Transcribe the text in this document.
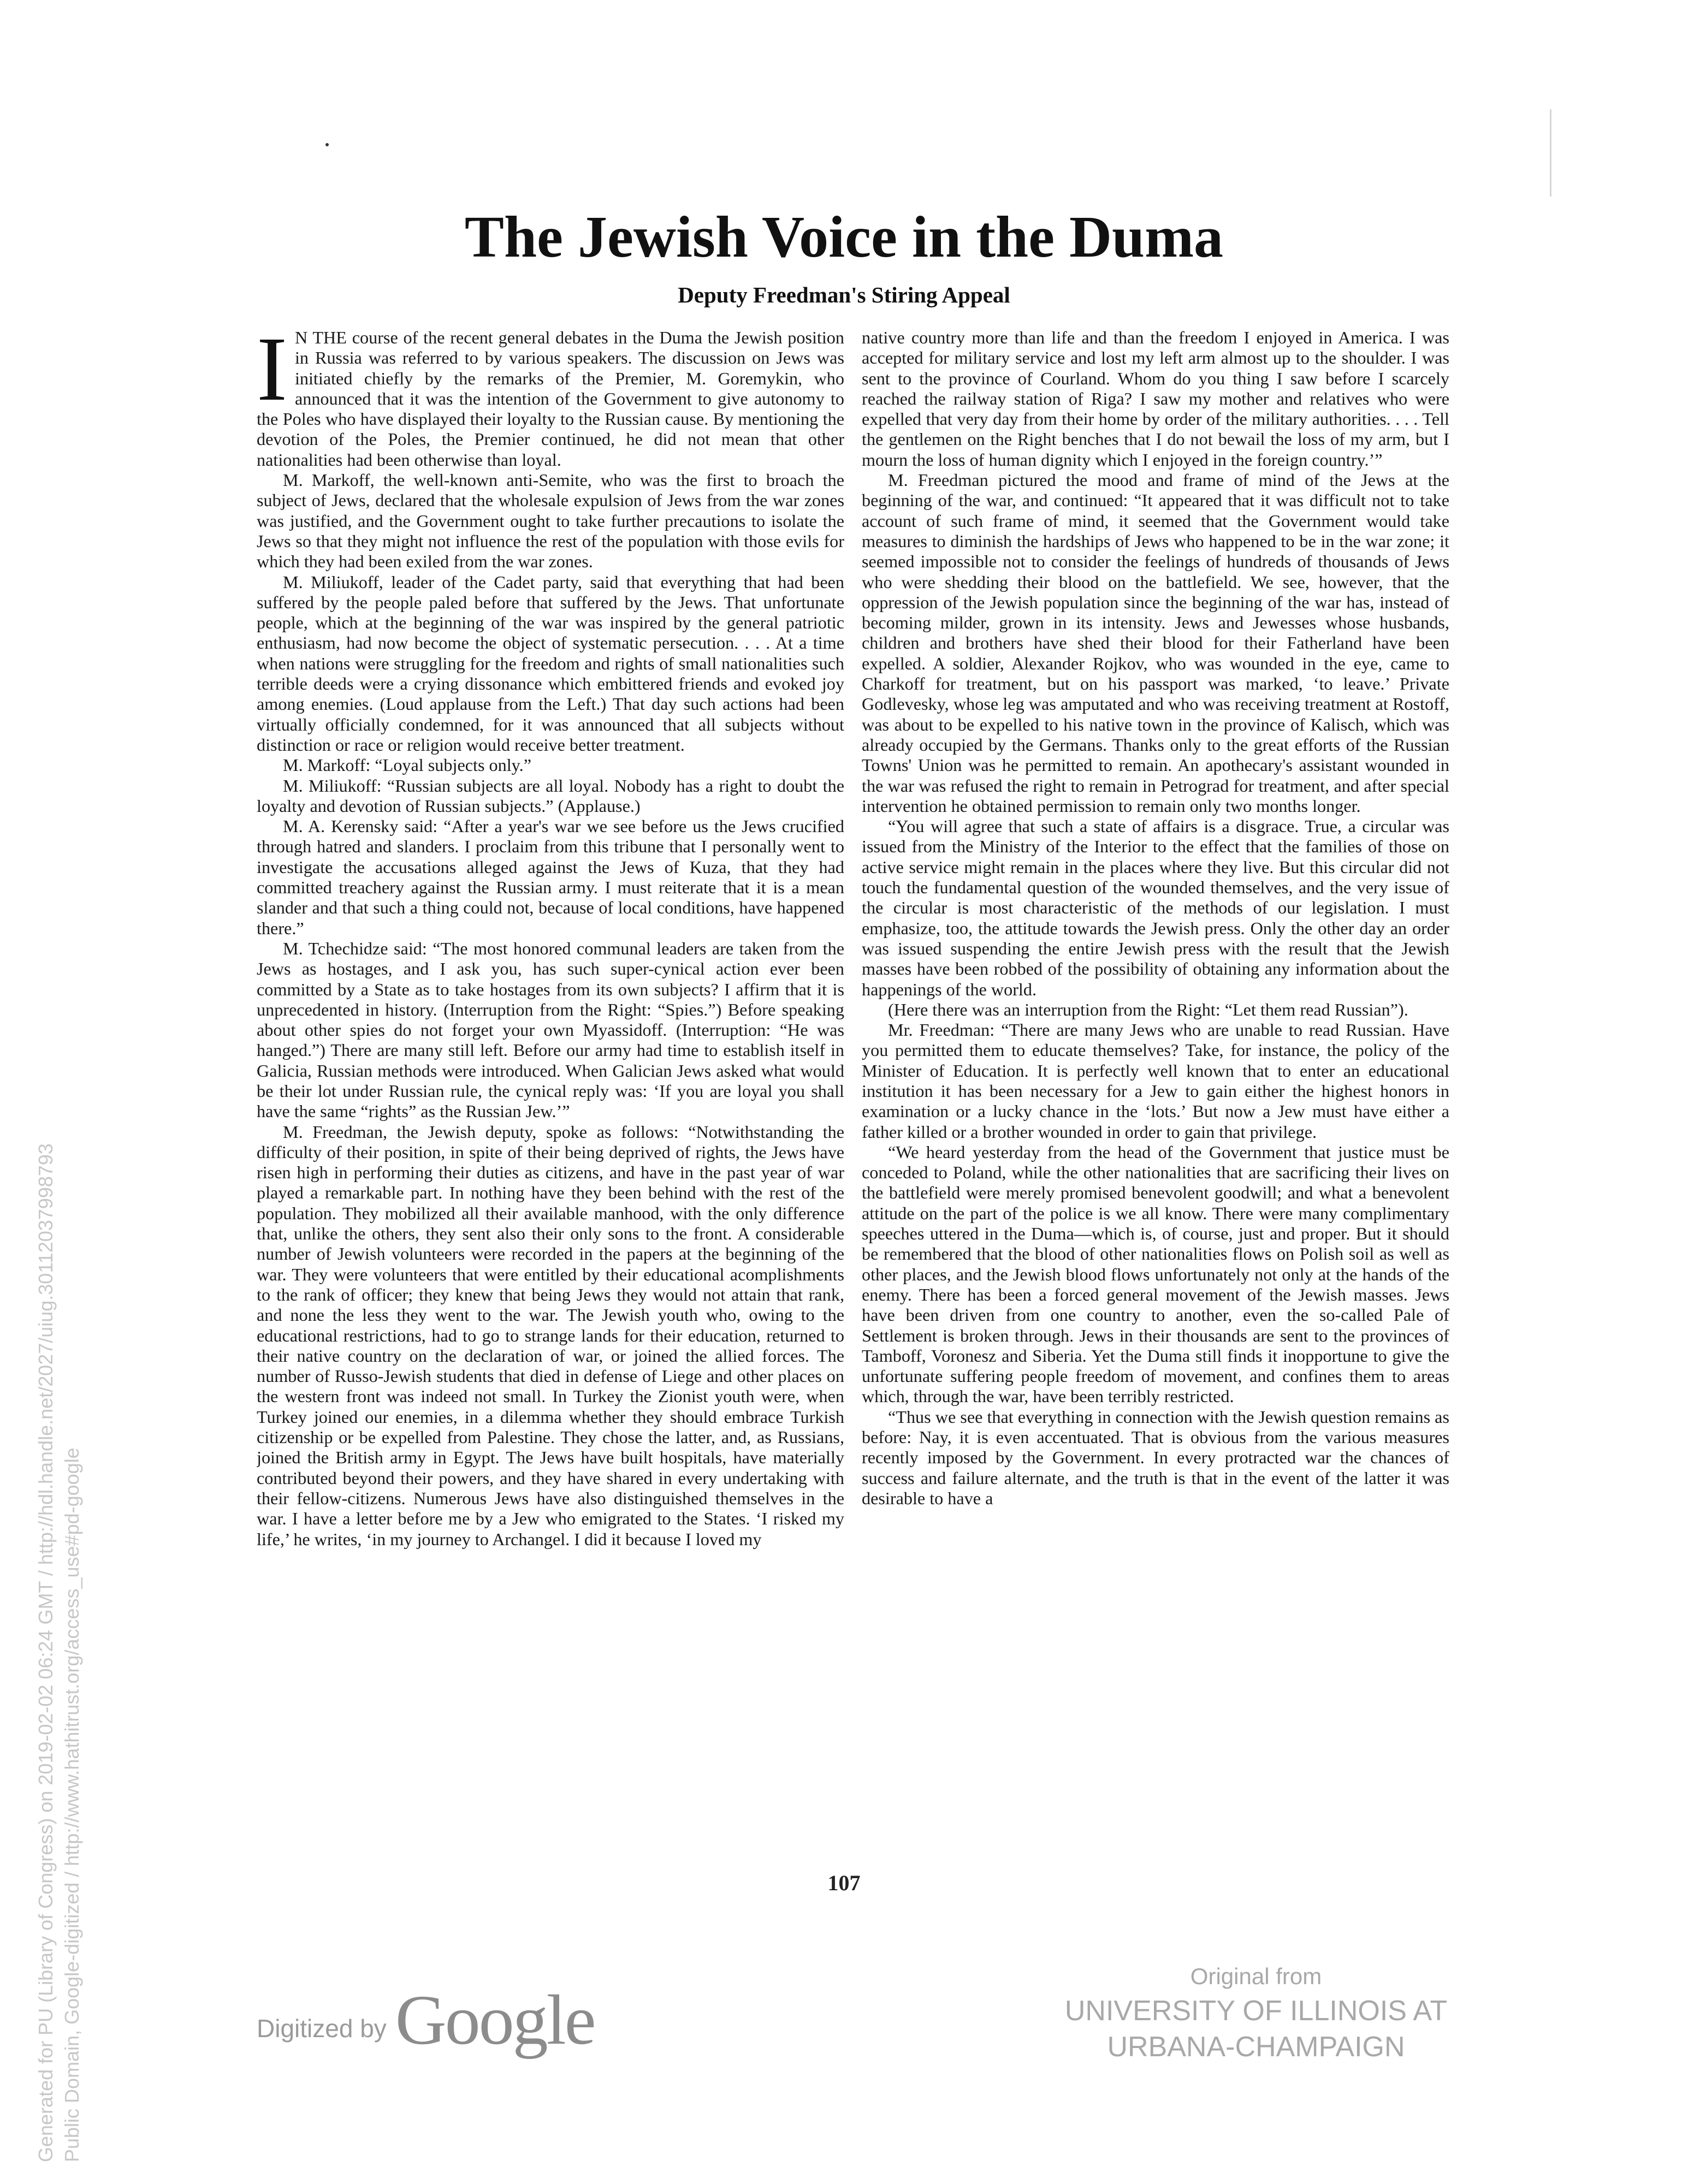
The Jewish Voice in the Duma
Deputy Freedman's Stiring Appeal

I N THE course of the recent general debates in the Duma the Jewish position in Russia was referred to by various speakers. The discussion on Jews was initiated chiefly by the remarks of the Premier, M. Goremykin, who announced that it was the intention of the Government to give autonomy to the Poles who have displayed their loyalty to the Russian cause. By mentioning the devotion of the Poles, the Premier continued, he did not mean that other nationalities had been otherwise than loyal.

M. Markoff, the well-known anti-Semite, who was the first to broach the subject of Jews, declared that the wholesale expulsion of Jews from the war zones was justified, and the Government ought to take further precautions to isolate the Jews so that they might not influence the rest of the population with those evils for which they had been exiled from the war zones.

M. Miliukoff, leader of the Cadet party, said that everything that had been suffered by the people paled before that suffered by the Jews. That unfortunate people, which at the beginning of the war was inspired by the general patriotic enthusiasm, had now become the object of systematic persecution. . . . At a time when nations were struggling for the freedom and rights of small nationalities such terrible deeds were a crying dissonance which embittered friends and evoked joy among enemies. (Loud applause from the Left.) That day such actions had been virtually officially condemned, for it was announced that all subjects without distinction or race or religion would receive better treatment.

M. Markoff: “Loyal subjects only.”

M. Miliukoff: “Russian subjects are all loyal. Nobody has a right to doubt the loyalty and devotion of Russian subjects.” (Applause.)

M. A. Kerensky said: “After a year's war we see before us the Jews crucified through hatred and slanders. I proclaim from this tribune that I personally went to investigate the accusations alleged against the Jews of Kuza, that they had committed treachery against the Russian army. I must reiterate that it is a mean slander and that such a thing could not, because of local conditions, have happened there.”

M. Tchechidze said: “The most honored communal leaders are taken from the Jews as hostages, and I ask you, has such super-cynical action ever been committed by a State as to take hostages from its own subjects? I affirm that it is unprecedented in history. (Interruption from the Right: “Spies.”) Before speaking about other spies do not forget your own Myassidoff. (Interruption: “He was hanged.”) There are many still left. Before our army had time to establish itself in Galicia, Russian methods were introduced. When Galician Jews asked what would be their lot under Russian rule, the cynical reply was: ‘If you are loyal you shall have the same “rights” as the Russian Jew.’”

M. Freedman, the Jewish deputy, spoke as follows: “Notwithstanding the difficulty of their position, in spite of their being deprived of rights, the Jews have risen high in performing their duties as citizens, and have in the past year of war played a remarkable part. In nothing have they been behind with the rest of the population. They mobilized all their available manhood, with the only difference that, unlike the others, they sent also their only sons to the front. A considerable number of Jewish volunteers were recorded in the papers at the beginning of the war. They were volunteers that were entitled by their educational acomplishments to the rank of officer; they knew that being Jews they would not attain that rank, and none the less they went to the war. The Jewish youth who, owing to the educational restrictions, had to go to strange lands for their education, returned to their native country on the declaration of war, or joined the allied forces. The number of Russo-Jewish students that died in defense of Liege and other places on the western front was indeed not small. In Turkey the Zionist youth were, when Turkey joined our enemies, in a dilemma whether they should embrace Turkish citizenship or be expelled from Palestine. They chose the latter, and, as Russians, joined the British army in Egypt. The Jews have built hospitals, have materially contributed beyond their powers, and they have shared in every undertaking with their fellow-citizens. Numerous Jews have also distinguished themselves in the war. I have a letter before me by a Jew who emigrated to the States. ‘I risked my life,’ he writes, ‘in my journey to Archangel. I did it because I loved my

native country more than life and than the freedom I enjoyed in America. I was accepted for military service and lost my left arm almost up to the shoulder. I was sent to the province of Courland. Whom do you thing I saw before I scarcely reached the railway station of Riga? I saw my mother and relatives who were expelled that very day from their home by order of the military authorities. . . . Tell the gentlemen on the Right benches that I do not bewail the loss of my arm, but I mourn the loss of human dignity which I enjoyed in the foreign country.’”

M. Freedman pictured the mood and frame of mind of the Jews at the beginning of the war, and continued: “It appeared that it was difficult not to take account of such frame of mind, it seemed that the Government would take measures to diminish the hardships of Jews who happened to be in the war zone; it seemed impossible not to consider the feelings of hundreds of thousands of Jews who were shedding their blood on the battlefield. We see, however, that the oppression of the Jewish population since the beginning of the war has, instead of becoming milder, grown in its intensity. Jews and Jewesses whose husbands, children and brothers have shed their blood for their Fatherland have been expelled. A soldier, Alexander Rojkov, who was wounded in the eye, came to Charkoff for treatment, but on his passport was marked, ‘to leave.’ Private Godlevesky, whose leg was amputated and who was receiving treatment at Rostoff, was about to be expelled to his native town in the province of Kalisch, which was already occupied by the Germans. Thanks only to the great efforts of the Russian Towns' Union was he permitted to remain. An apothecary's assistant wounded in the war was refused the right to remain in Petrograd for treatment, and after special intervention he obtained permission to remain only two months longer.

“You will agree that such a state of affairs is a disgrace. True, a circular was issued from the Ministry of the Interior to the effect that the families of those on active service might remain in the places where they live. But this circular did not touch the fundamental question of the wounded themselves, and the very issue of the circular is most characteristic of the methods of our legislation. I must emphasize, too, the attitude towards the Jewish press. Only the other day an order was issued suspending the entire Jewish press with the result that the Jewish masses have been robbed of the possibility of obtaining any information about the happenings of the world.

(Here there was an interruption from the Right: “Let them read Russian”).

Mr. Freedman: “There are many Jews who are unable to read Russian. Have you permitted them to educate themselves? Take, for instance, the policy of the Minister of Education. It is perfectly well known that to enter an educational institution it has been necessary for a Jew to gain either the highest honors in examination or a lucky chance in the ‘lots.’ But now a Jew must have either a father killed or a brother wounded in order to gain that privilege.

“We heard yesterday from the head of the Government that justice must be conceded to Poland, while the other nationalities that are sacrificing their lives on the battlefield were merely promised benevolent goodwill; and what a benevolent attitude on the part of the police is we all know. There were many complimentary speeches uttered in the Duma—which is, of course, just and proper. But it should be remembered that the blood of other nationalities flows on Polish soil as well as other places, and the Jewish blood flows unfortunately not only at the hands of the enemy. There has been a forced general movement of the Jewish masses. Jews have been driven from one country to another, even the so-called Pale of Settlement is broken through. Jews in their thousands are sent to the provinces of Tamboff, Voronesz and Siberia. Yet the Duma still finds it inopportune to give the unfortunate suffering people freedom of movement, and confines them to areas which, through the war, have been terribly restricted.

“Thus we see that everything in connection with the Jewish question remains as before: Nay, it is even accentuated. That is obvious from the various measures recently imposed by the Government. In every protracted war the chances of success and failure alternate, and the truth is that in the event of the latter it was desirable to have a

107
Generated for PU (Library of Congress) on 2019-02-02 06:24 GMT / http://hdl.handle.net/2027/uiug.30112037998793 Public Domain, Google-digitized / http://www.hathitrust.org/access_use#pd-google	Digitized by Google
Original from
UNIVERSITY OF ILLINOIS AT
URBANA-CHAMPAIGN
